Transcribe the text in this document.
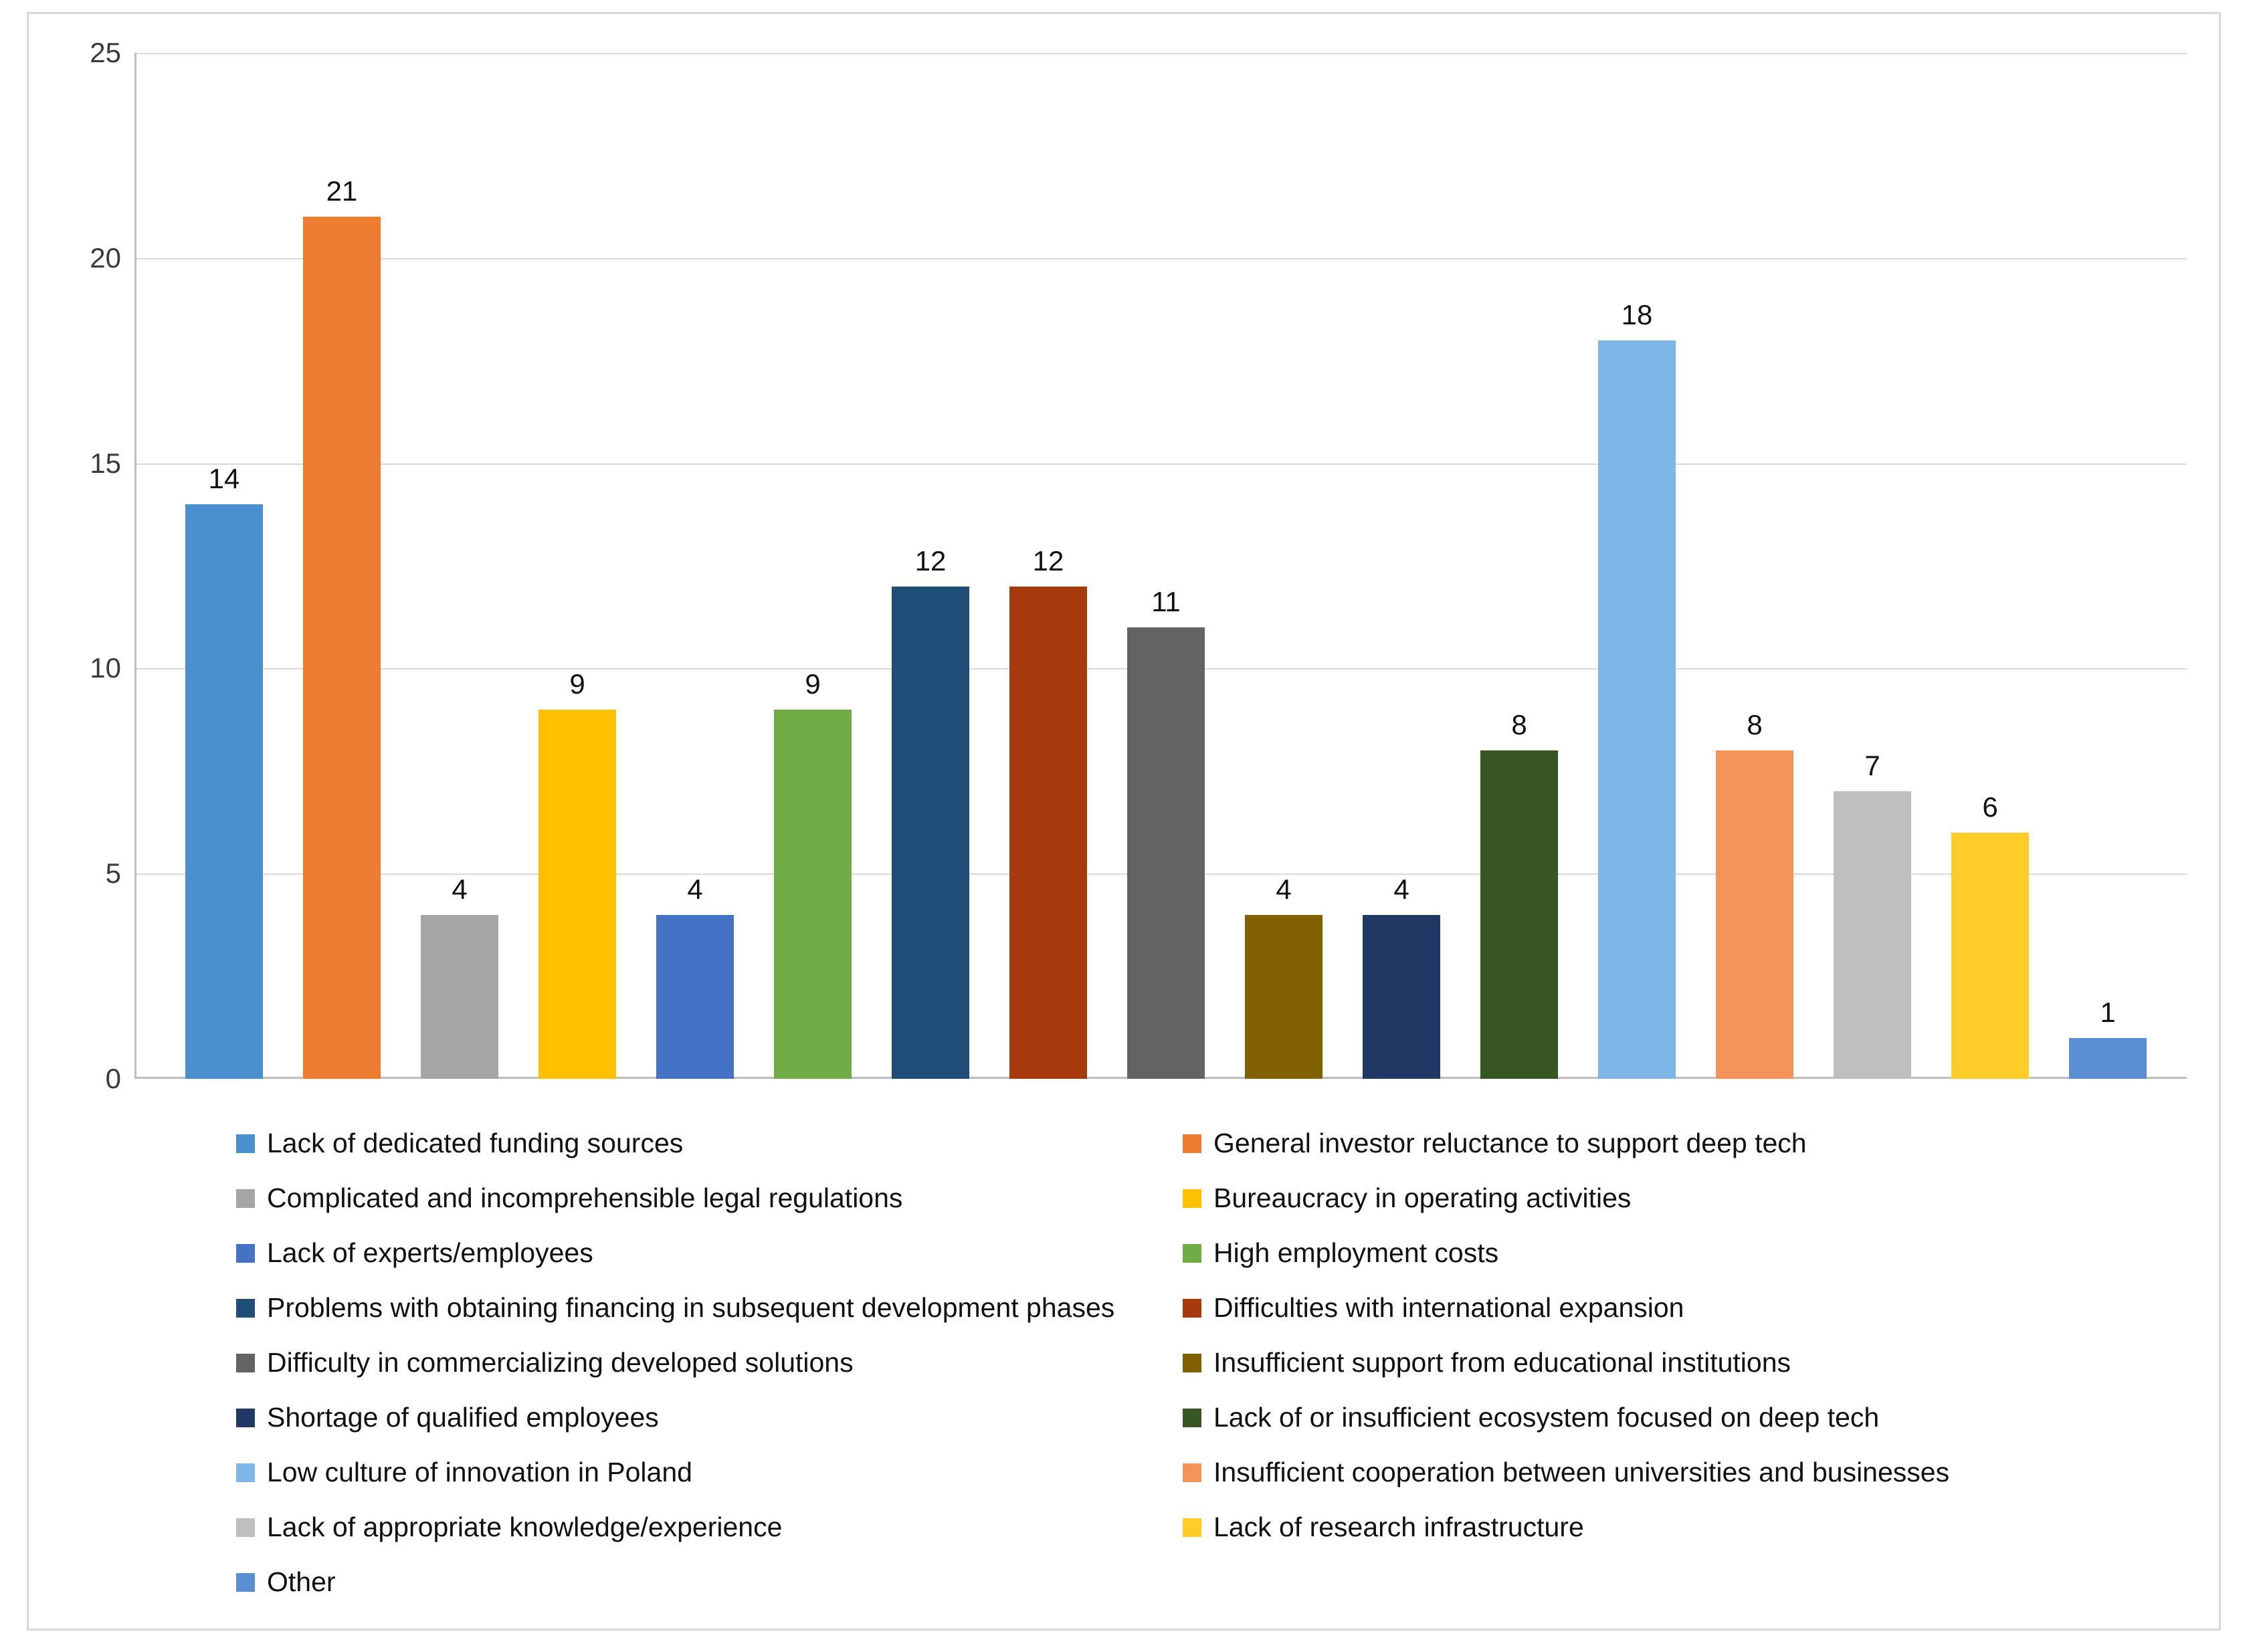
0
5
10
15
20
25
14
21
4
9
4
9
12	12
11
4	4
8
18
8
7
6
1
Lack of dedicated funding sources	General investor reluctance to support deep tech
Complicated and incomprehensible legal regulations	Bureaucracy in operating activities
Lack of experts/employees	High employment costs
Problems with obtaining financing in subsequent development phases	Difficulties with international expansion
Difficulty in commercializing developed solutions	Insufficient support from educational institutions
Shortage of qualified employees	Lack of or insufficient ecosystem focused on deep tech
Low culture of innovation in Poland	Insufficient cooperation between universities and businesses
Lack of appropriate knowledge/experience	Lack of research infrastructure
Other
